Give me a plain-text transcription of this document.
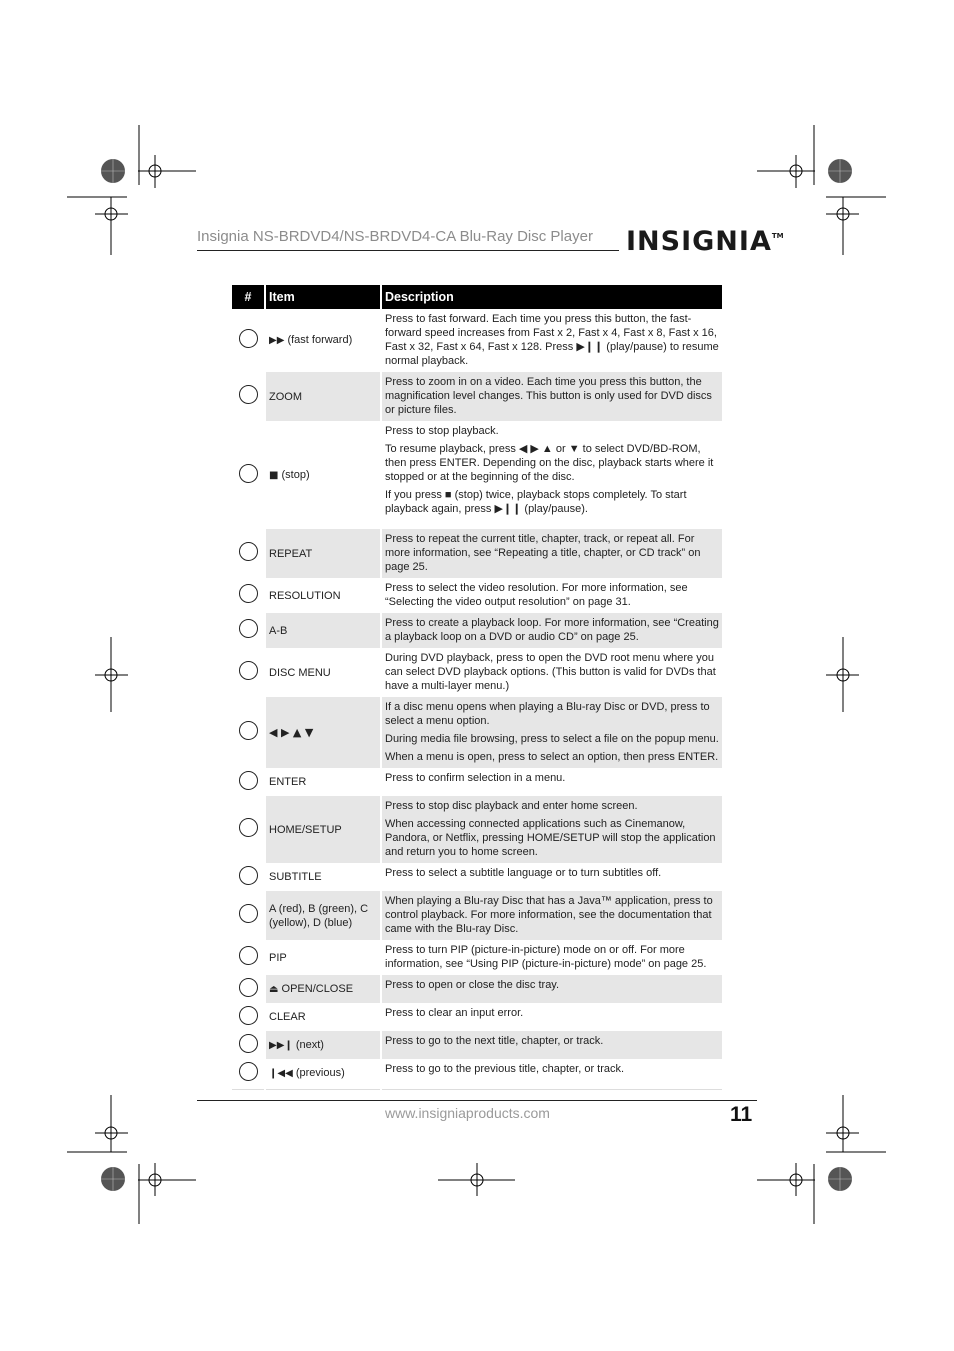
Insignia NS-BRDVD4/NS-BRDVD4-CA Blu-Ray Disc Player INSIGNIA™
#	Item	Description
	▶▶ (fast forward)	Press to fast forward. Each time you press this button, the fast-forward speed increases from Fast x 2, Fast x 4, Fast x 8, Fast x 16, Fast x 32, Fast x 64, Fast x 128. Press ▶❙❙ (play/pause) to resume normal playback.

	ZOOM	Press to zoom in on a video. Each time you press this button, the magnification level changes. This button is only used for DVD discs or picture files.

	■ (stop)	Press to stop playback.

To resume playback, press ◀ ▶ ▲ or ▼ to select DVD/BD-ROM, then press ENTER. Depending on the disc, playback starts where it stopped or at the beginning of the disc.

If you press ■ (stop) twice, playback stops completely. To start playback again, press ▶❙❙ (play/pause).

	REPEAT	Press to repeat the current title, chapter, track, or repeat all. For more information, see “Repeating a title, chapter, or CD track” on page 25.

	RESOLUTION	Press to select the video resolution. For more information, see “Selecting the video output resolution” on page 31.

	A-B	Press to create a playback loop. For more information, see “Creating a playback loop on a DVD or audio CD” on page 25.

	DISC MENU	During DVD playback, press to open the DVD root menu where you can select DVD playback options. (This button is valid for DVDs that have a multi-layer menu.)

	◀ ▶ ▲ ▼	If a disc menu opens when playing a Blu-ray Disc or DVD, press to select a menu option.

During media file browsing, press to select a file on the popup menu.

When a menu is open, press to select an option, then press ENTER.

	ENTER	Press to confirm selection in a menu.

	HOME/SETUP	Press to stop disc playback and enter home screen.

When accessing connected applications such as Cinemanow, Pandora, or Netflix, pressing HOME/SETUP will stop the application and return you to home screen.

	SUBTITLE	Press to select a subtitle language or to turn subtitles off.

	A (red), B (green), C (yellow), D (blue)	When playing a Blu-ray Disc that has a Java™ application, press to control playback. For more information, see the documentation that came with the Blu-ray Disc.

	PIP	Press to turn PIP (picture-in-picture) mode on or off. For more information, see “Using PIP (picture-in-picture) mode” on page 25.

	⏏ OPEN/CLOSE	Press to open or close the disc tray.

	CLEAR	Press to clear an input error.

	▶▶❙ (next)	Press to go to the next title, chapter, or track.

	❙◀◀ (previous)	Press to go to the previous title, chapter, or track.

www.insigniaproducts.com	11
